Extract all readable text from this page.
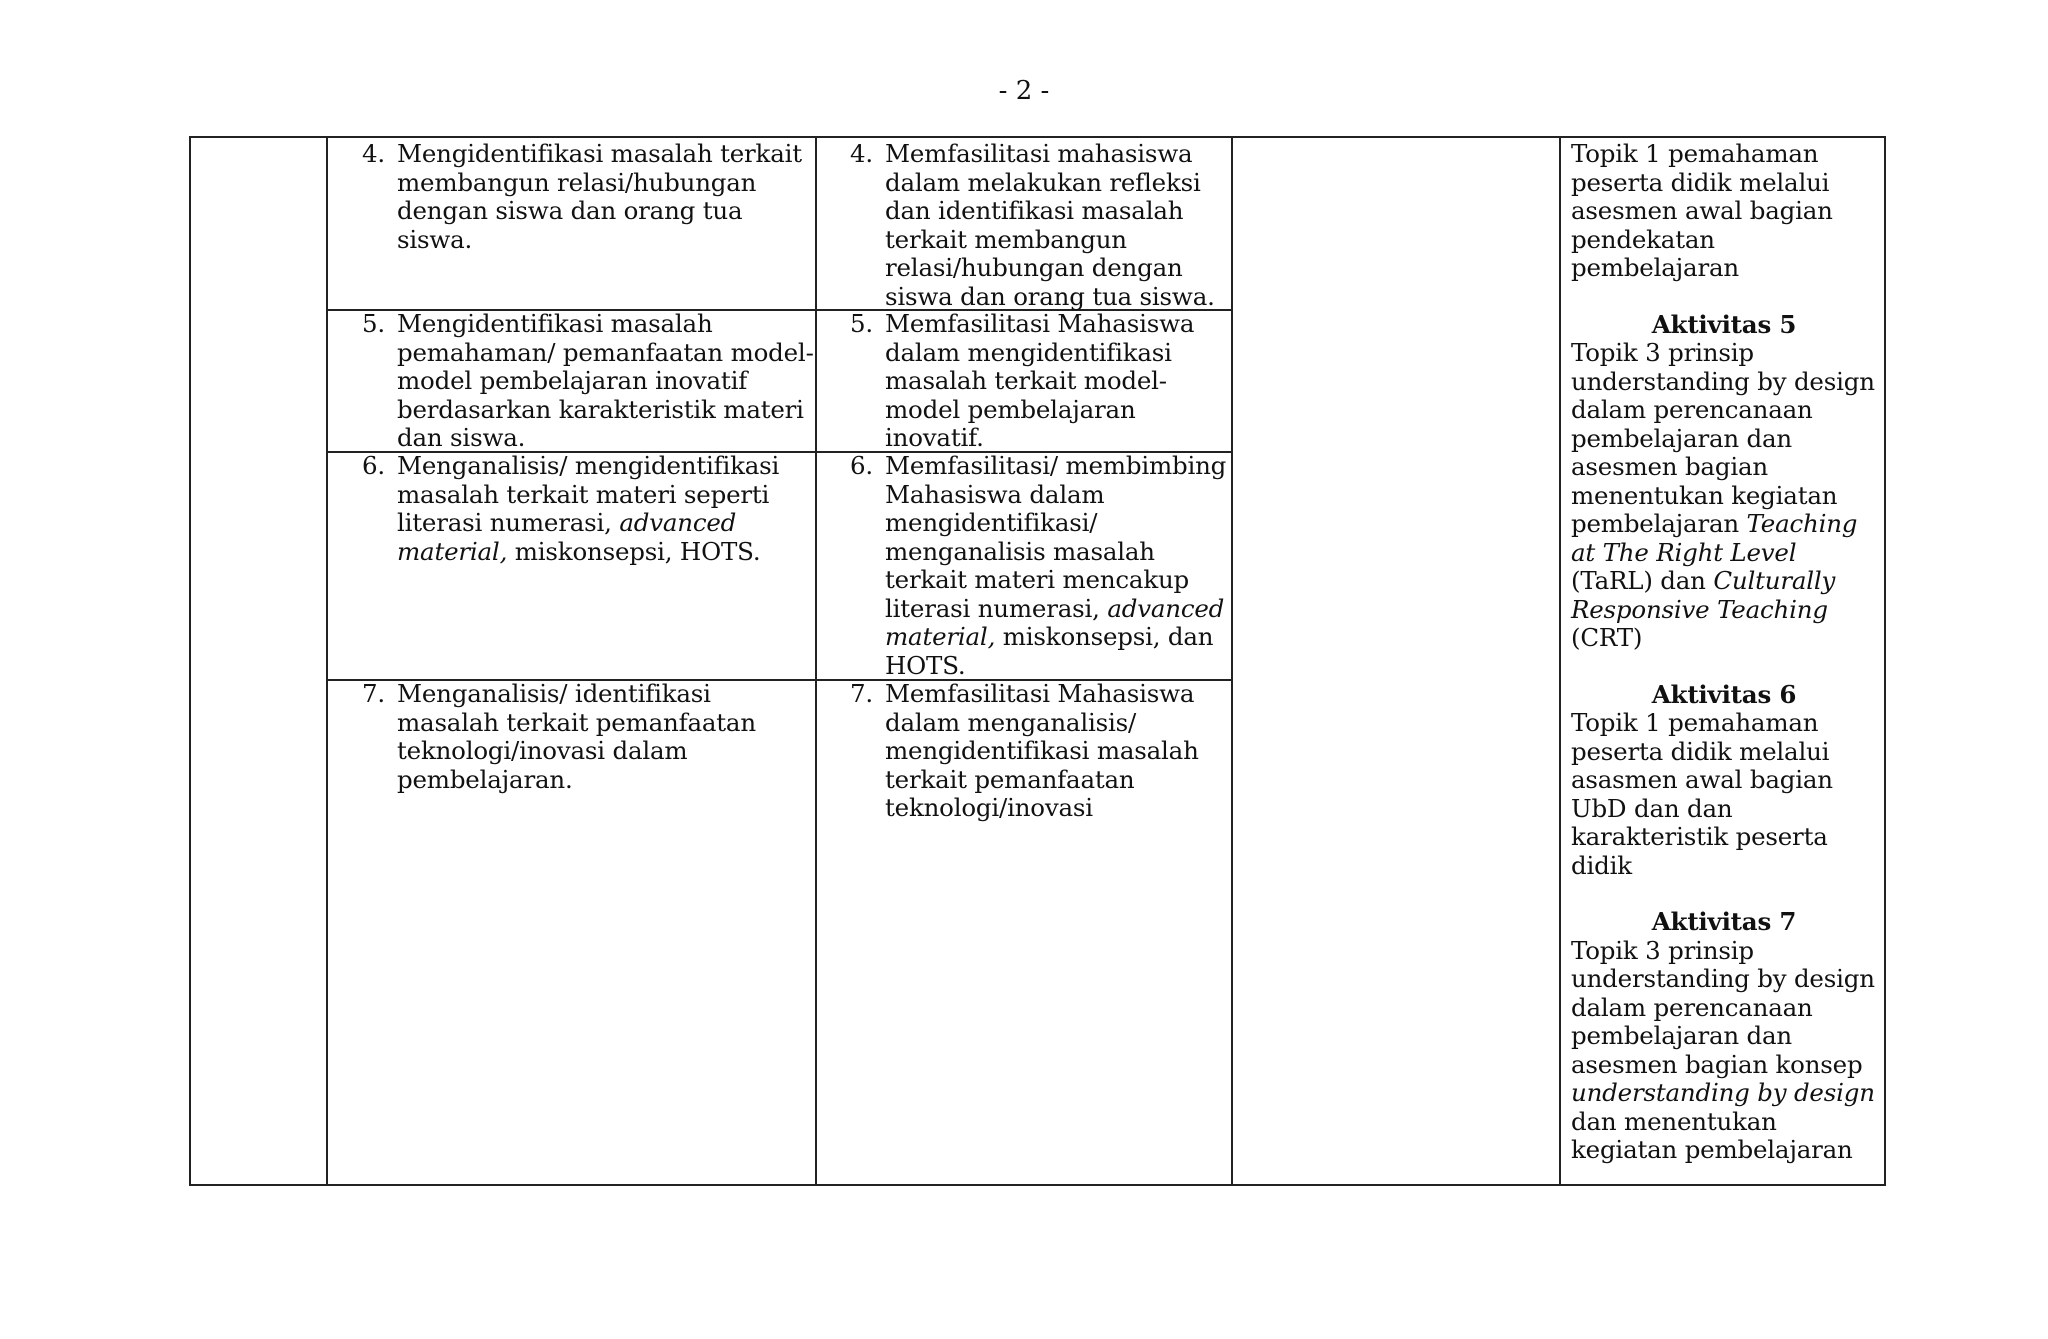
- 2 -
4. Mengidentifikasi masalah terkait membangun relasi/hubungan dengan siswa dan orang tua siswa.
4. Memfasilitasi mahasiswa dalam melakukan refleksi dan identifikasi masalah terkait membangun relasi/hubungan dengan siswa dan orang tua siswa.
5. Mengidentifikasi masalah pemahaman/ pemanfaatan model-model pembelajaran inovatif berdasarkan karakteristik materi dan siswa.
5. Memfasilitasi Mahasiswa dalam mengidentifikasi masalah terkait model-model pembelajaran inovatif.
6. Menganalisis/ mengidentifikasi masalah terkait materi seperti literasi numerasi, advanced material, miskonsepsi, HOTS.
6. Memfasilitasi/ membimbing Mahasiswa dalam mengidentifikasi/ menganalisis masalah terkait materi mencakup literasi numerasi, advanced material, miskonsepsi, dan HOTS.
7. Menganalisis/ identifikasi masalah terkait pemanfaatan teknologi/inovasi dalam pembelajaran.
7. Memfasilitasi Mahasiswa dalam menganalisis/ mengidentifikasi masalah terkait pemanfaatan teknologi/inovasi
Topik 1 pemahaman peserta didik melalui asesmen awal bagian pendekatan pembelajaran
Aktivitas 5
Topik 3 prinsip understanding by design dalam perencanaan pembelajaran dan asesmen bagian menentukan kegiatan pembelajaran Teaching at The Right Level (TaRL) dan Culturally Responsive Teaching (CRT)
Aktivitas 6
Topik 1 pemahaman peserta didik melalui asasmen awal bagian UbD dan dan karakteristik peserta didik
Aktivitas 7
Topik 3 prinsip understanding by design dalam perencanaan pembelajaran dan asesmen bagian konsep understanding by design dan menentukan kegiatan pembelajaran
